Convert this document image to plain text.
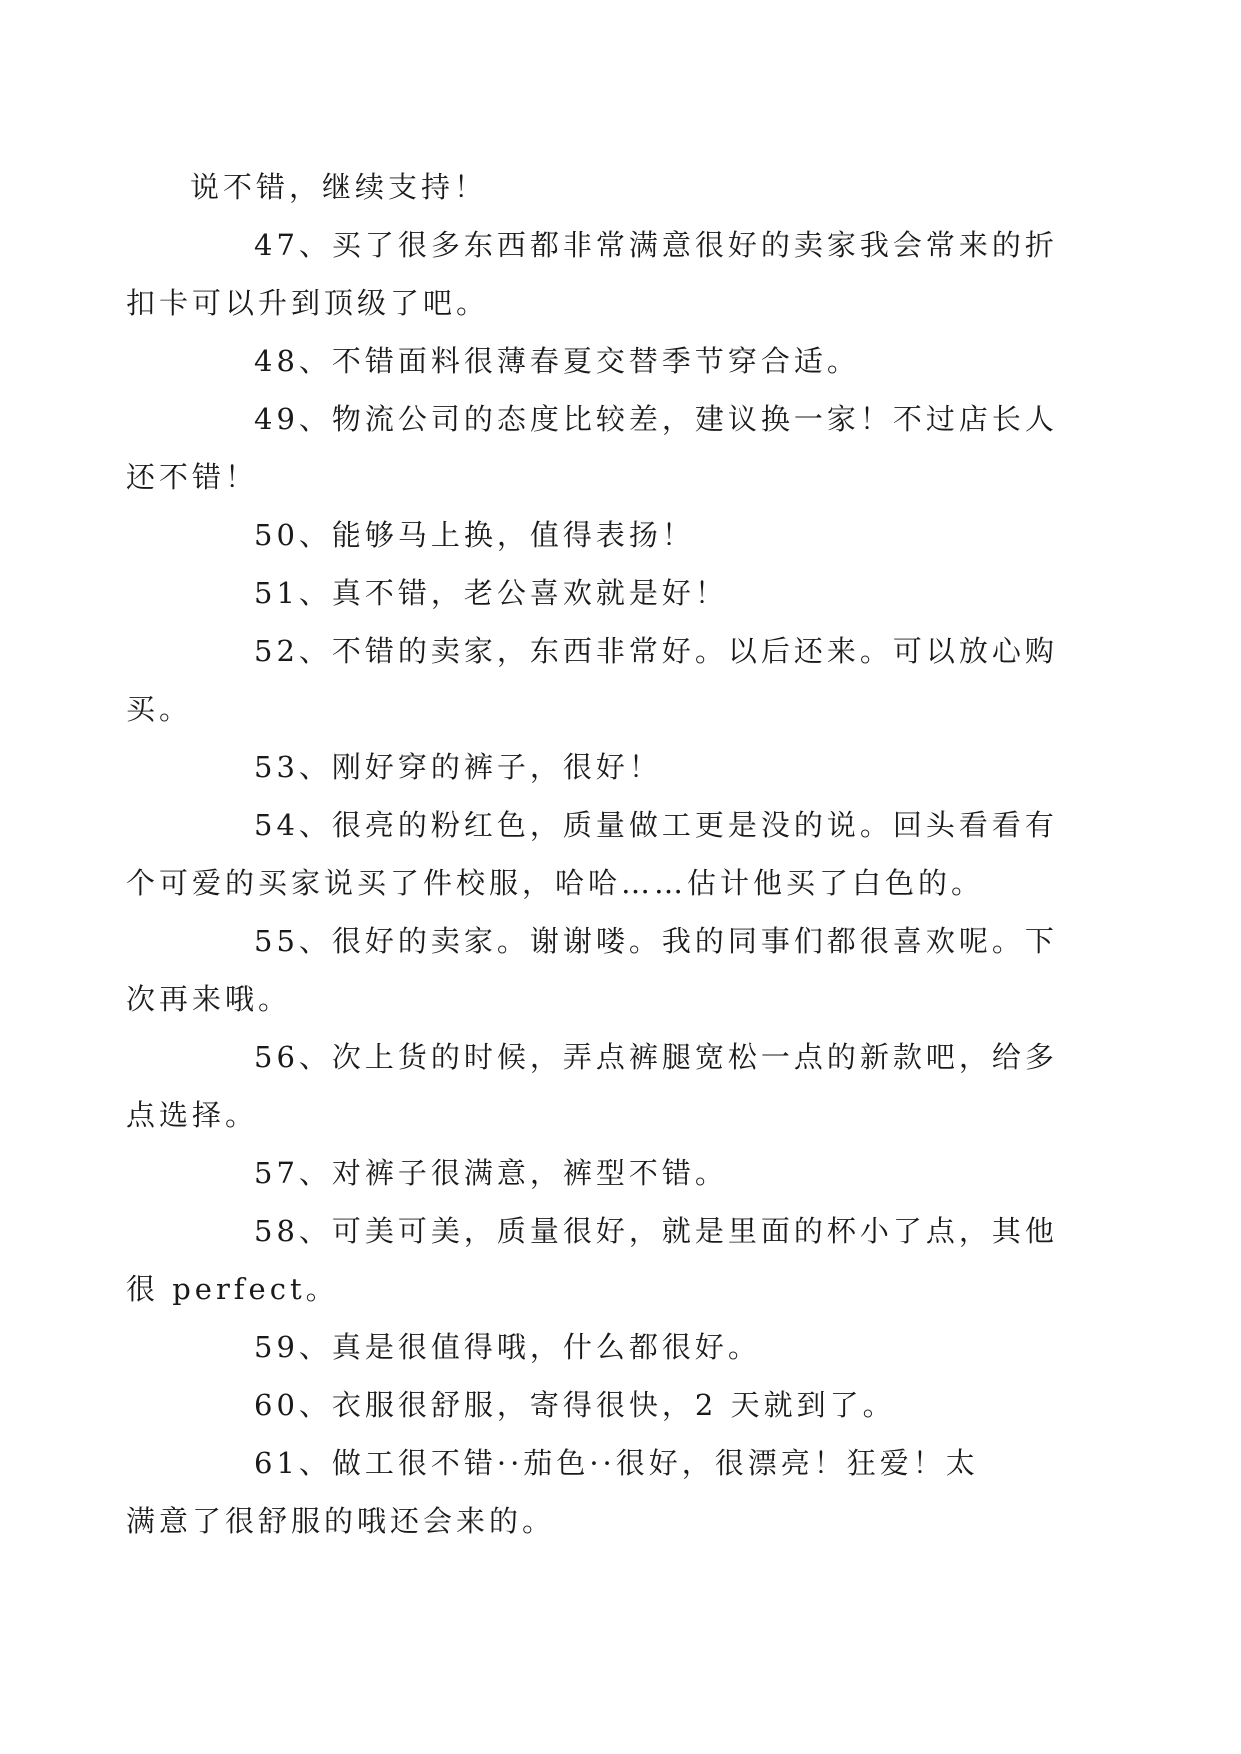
说不错，继续支持！

47、买了很多东西都非常满意很好的卖家我会常来的折
扣卡可以升到顶级了吧。

48、不错面料很薄春夏交替季节穿合适。

49、物流公司的态度比较差，建议换一家！不过店长人
还不错！

50、能够马上换，值得表扬！

51、真不错，老公喜欢就是好！

52、不错的卖家，东西非常好。以后还来。可以放心购
买。

53、刚好穿的裤子，很好！

54、很亮的粉红色，质量做工更是没的说。回头看看有
个可爱的买家说买了件校服，哈哈……估计他买了白色的。

55、很好的卖家。谢谢喽。我的同事们都很喜欢呢。下
次再来哦。

56、次上货的时候，弄点裤腿宽松一点的新款吧，给多
点选择。

57、对裤子很满意，裤型不错。

58、可美可美，质量很好，就是里面的杯小了点，其他
很 perfect。

59、真是很值得哦，什么都很好。

60、衣服很舒服，寄得很快，2 天就到了。

61、做工很不错··茄色··很好，很漂亮！狂爱！太
满意了很舒服的哦还会来的。
